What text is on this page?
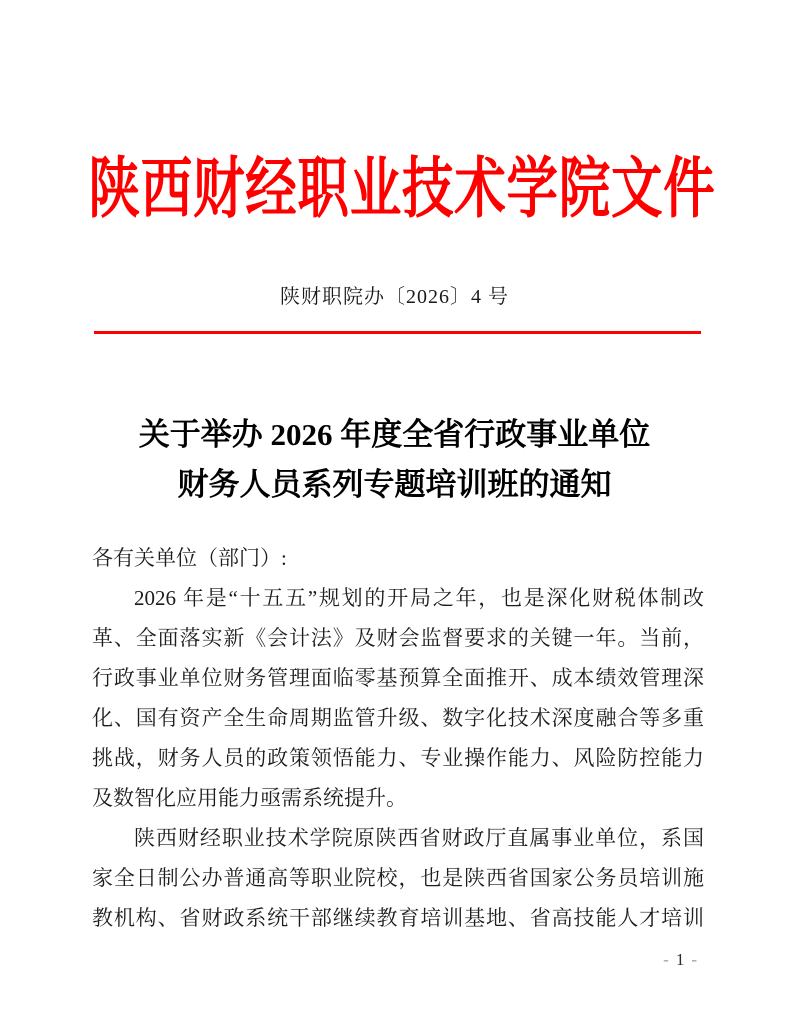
陕西财经职业技术学院文件
陕财职院办〔2026〕4 号
关于举办 2026 年度全省行政事业单位
财务人员系列专题培训班的通知
各有关单位（部门）:
2026 年是“十五五”规划的开局之年，也是深化财税体制改
革、全面落实新《会计法》及财会监督要求的关键一年。当前，
行政事业单位财务管理面临零基预算全面推开、成本绩效管理深
化、国有资产全生命周期监管升级、数字化技术深度融合等多重
挑战，财务人员的政策领悟能力、专业操作能力、风险防控能力
及数智化应用能力亟需系统提升。
陕西财经职业技术学院原陕西省财政厅直属事业单位，系国
家全日制公办普通高等职业院校，也是陕西省国家公务员培训施
教机构、省财政系统干部继续教育培训基地、省高技能人才培训
- 1 -
